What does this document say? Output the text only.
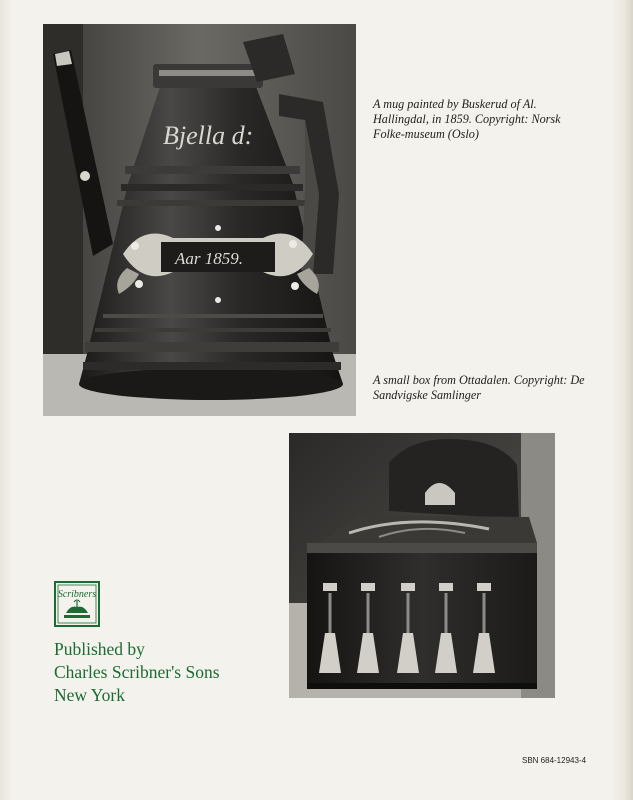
Bjella d:
Aar 1859.

A mug painted by Buskerud of Al. Hallingdal, in 1859. Copyright: Norsk Folke-museum (Oslo)

A small box from Ottadalen. Copyright: De Sandvigske Samlinger

Scribners

Published by

Charles Scribner's Sons

New York

SBN 684-12943-4
